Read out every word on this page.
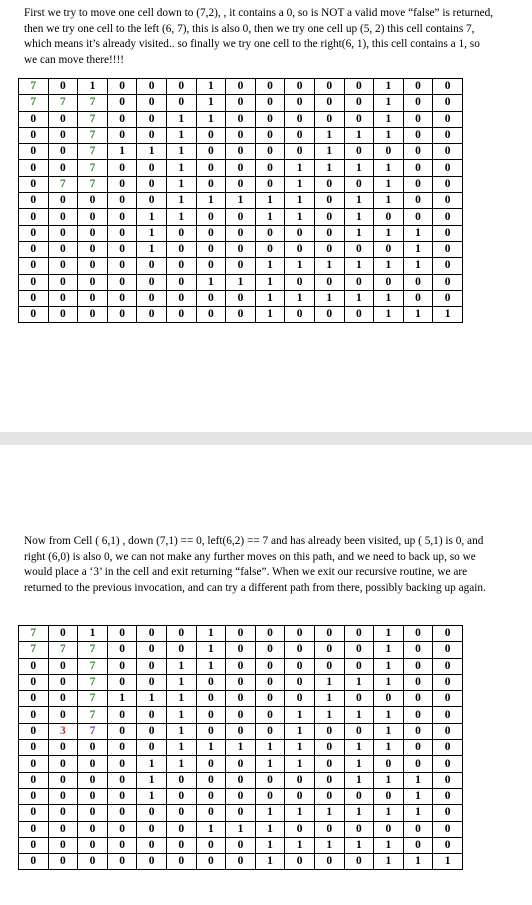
First we try to move one cell down to (7,2), , it contains a 0, so is NOT a valid move “false” is returned, then we try one cell to the left (6, 7), this is also 0, then we try one cell up (5, 2) this cell contains 7, which means it’s already visited.. so finally we try one cell to the right(6, 1), this cell contains a 1, so we can move there!!!!
7	0	1	0	0	0	1	0	0	0	0	0	1	0	0
7	7	7	0	0	0	1	0	0	0	0	0	1	0	0
0	0	7	0	0	1	1	0	0	0	0	0	1	0	0
0	0	7	0	0	1	0	0	0	0	1	1	1	0	0
0	0	7	1	1	1	0	0	0	0	1	0	0	0	0
0	0	7	0	0	1	0	0	0	1	1	1	1	0	0
0	7	7	0	0	1	0	0	0	1	0	0	1	0	0
0	0	0	0	0	1	1	1	1	1	0	1	1	0	0
0	0	0	0	1	1	0	0	1	1	0	1	0	0	0
0	0	0	0	1	0	0	0	0	0	0	1	1	1	0
0	0	0	0	1	0	0	0	0	0	0	0	0	1	0
0	0	0	0	0	0	0	0	1	1	1	1	1	1	0
0	0	0	0	0	0	1	1	1	0	0	0	0	0	0
0	0	0	0	0	0	0	0	1	1	1	1	1	0	0
0	0	0	0	0	0	0	0	1	0	0	0	1	1	1
Now from Cell ( 6,1) , down (7,1) == 0, left(6,2) == 7 and has already been visited, up ( 5,1) is 0, and right (6,0) is also 0, we can not make any further moves on this path, and we need to back up, so we would place a ‘3’ in the cell and exit returning “false”. When we exit our recursive routine, we are returned to the previous invocation, and can try a different path from there, possibly backing up again.
7	0	1	0	0	0	1	0	0	0	0	0	1	0	0
7	7	7	0	0	0	1	0	0	0	0	0	1	0	0
0	0	7	0	0	1	1	0	0	0	0	0	1	0	0
0	0	7	0	0	1	0	0	0	0	1	1	1	0	0
0	0	7	1	1	1	0	0	0	0	1	0	0	0	0
0	0	7	0	0	1	0	0	0	1	1	1	1	0	0
0	3	7	0	0	1	0	0	0	1	0	0	1	0	0
0	0	0	0	0	1	1	1	1	1	0	1	1	0	0
0	0	0	0	1	1	0	0	1	1	0	1	0	0	0
0	0	0	0	1	0	0	0	0	0	0	1	1	1	0
0	0	0	0	1	0	0	0	0	0	0	0	0	1	0
0	0	0	0	0	0	0	0	1	1	1	1	1	1	0
0	0	0	0	0	0	1	1	1	0	0	0	0	0	0
0	0	0	0	0	0	0	0	1	1	1	1	1	0	0
0	0	0	0	0	0	0	0	1	0	0	0	1	1	1
